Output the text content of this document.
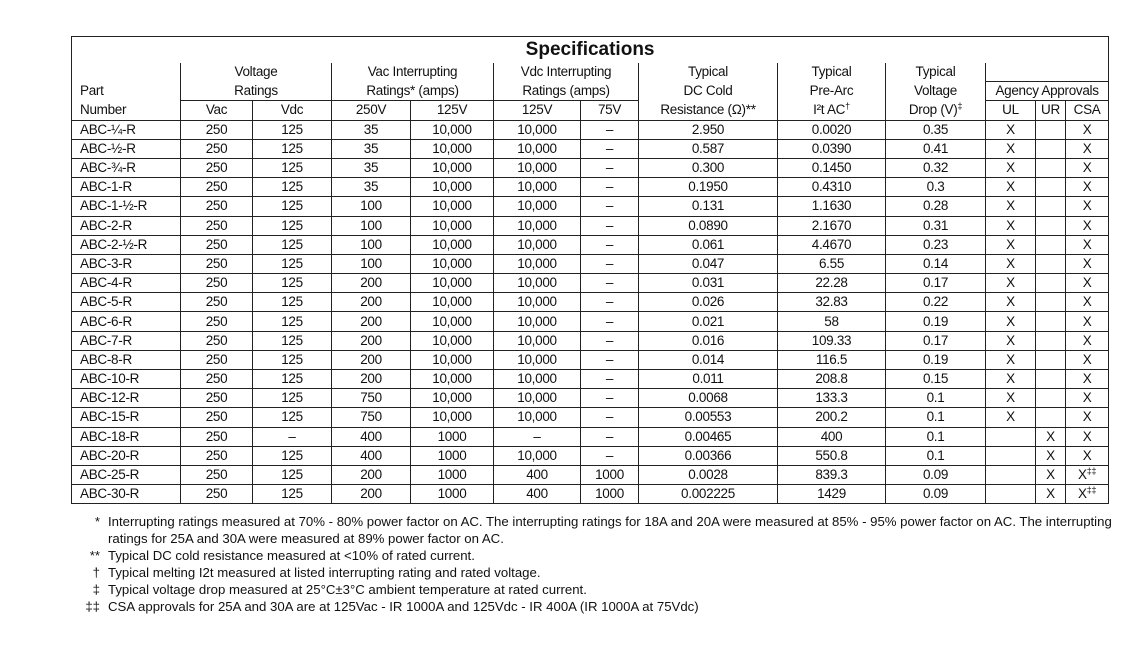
Specifications												
	Voltage		Vac Interrupting		Vdc Interrupting		Typical	Typical	Typical			
Part	Ratings		Ratings* (amps)		Ratings (amps)		DC Cold	Pre-Arc	Voltage	Agency Approvals		
Number	Vac	Vdc	250V	125V	125V	75V	Resistance (Ω)**	I²t AC†	Drop (V)‡	UL	UR	CSA
ABC-¼-R	250	125	35	10,000	10,000	–	2.950	0.0020	0.35	X		X
ABC-½-R	250	125	35	10,000	10,000	–	0.587	0.0390	0.41	X		X
ABC-¾-R	250	125	35	10,000	10,000	–	0.300	0.1450	0.32	X		X
ABC-1-R	250	125	35	10,000	10,000	–	0.1950	0.4310	0.3	X		X
ABC-1-½-R	250	125	100	10,000	10,000	–	0.131	1.1630	0.28	X		X
ABC-2-R	250	125	100	10,000	10,000	–	0.0890	2.1670	0.31	X		X
ABC-2-½-R	250	125	100	10,000	10,000	–	0.061	4.4670	0.23	X		X
ABC-3-R	250	125	100	10,000	10,000	–	0.047	6.55	0.14	X		X
ABC-4-R	250	125	200	10,000	10,000	–	0.031	22.28	0.17	X		X
ABC-5-R	250	125	200	10,000	10,000	–	0.026	32.83	0.22	X		X
ABC-6-R	250	125	200	10,000	10,000	–	0.021	58	0.19	X		X
ABC-7-R	250	125	200	10,000	10,000	–	0.016	109.33	0.17	X		X
ABC-8-R	250	125	200	10,000	10,000	–	0.014	116.5	0.19	X		X
ABC-10-R	250	125	200	10,000	10,000	–	0.011	208.8	0.15	X		X
ABC-12-R	250	125	750	10,000	10,000	–	0.0068	133.3	0.1	X		X
ABC-15-R	250	125	750	10,000	10,000	–	0.00553	200.2	0.1	X		X
ABC-18-R	250	–	400	1000	–	–	0.00465	400	0.1		X	X
ABC-20-R	250	125	400	1000	10,000	–	0.00366	550.8	0.1		X	X
ABC-25-R	250	125	200	1000	400	1000	0.0028	839.3	0.09		X	X‡‡
ABC-30-R	250	125	200	1000	400	1000	0.002225	1429	0.09		X	X‡‡
* Interrupting ratings measured at 70% - 80% power factor on AC. The interrupting ratings for 18A and 20A were measured at 85% - 95% power factor on AC. The interrupting ratings for 25A and 30A were measured at 89% power factor on AC.
** Typical DC cold resistance measured at <10% of rated current.
† Typical melting I2t measured at listed interrupting rating and rated voltage.
‡ Typical voltage drop measured at 25°C±3°C ambient temperature at rated current.
‡‡ CSA approvals for 25A and 30A are at 125Vac - IR 1000A and 125Vdc - IR 400A (IR 1000A at 75Vdc)
